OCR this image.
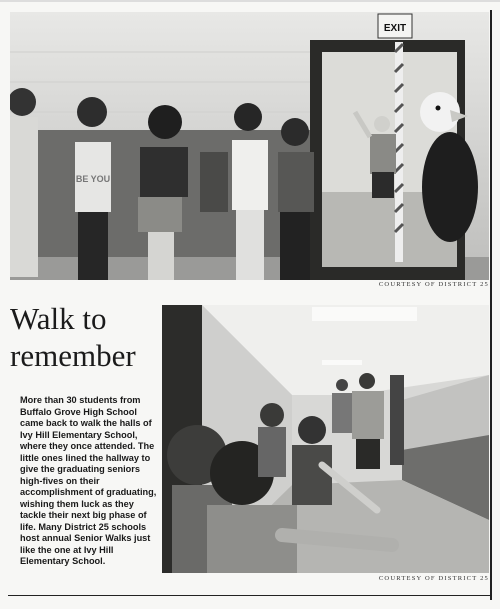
EXIT
BE YOU
COURTESY OF DISTRICT 25
Walk to remember

More than 30 students from Buffalo Grove High School came back to walk the halls of Ivy Hill Elementary School, where they once attended. The little ones lined the hallway to give the graduating seniors high-fives on their accomplishment of graduating, wishing them luck as they tackle their next big phase of life. Many District 25 schools host annual Senior Walks just like the one at Ivy Hill Elementary School.

COURTESY OF DISTRICT 25
